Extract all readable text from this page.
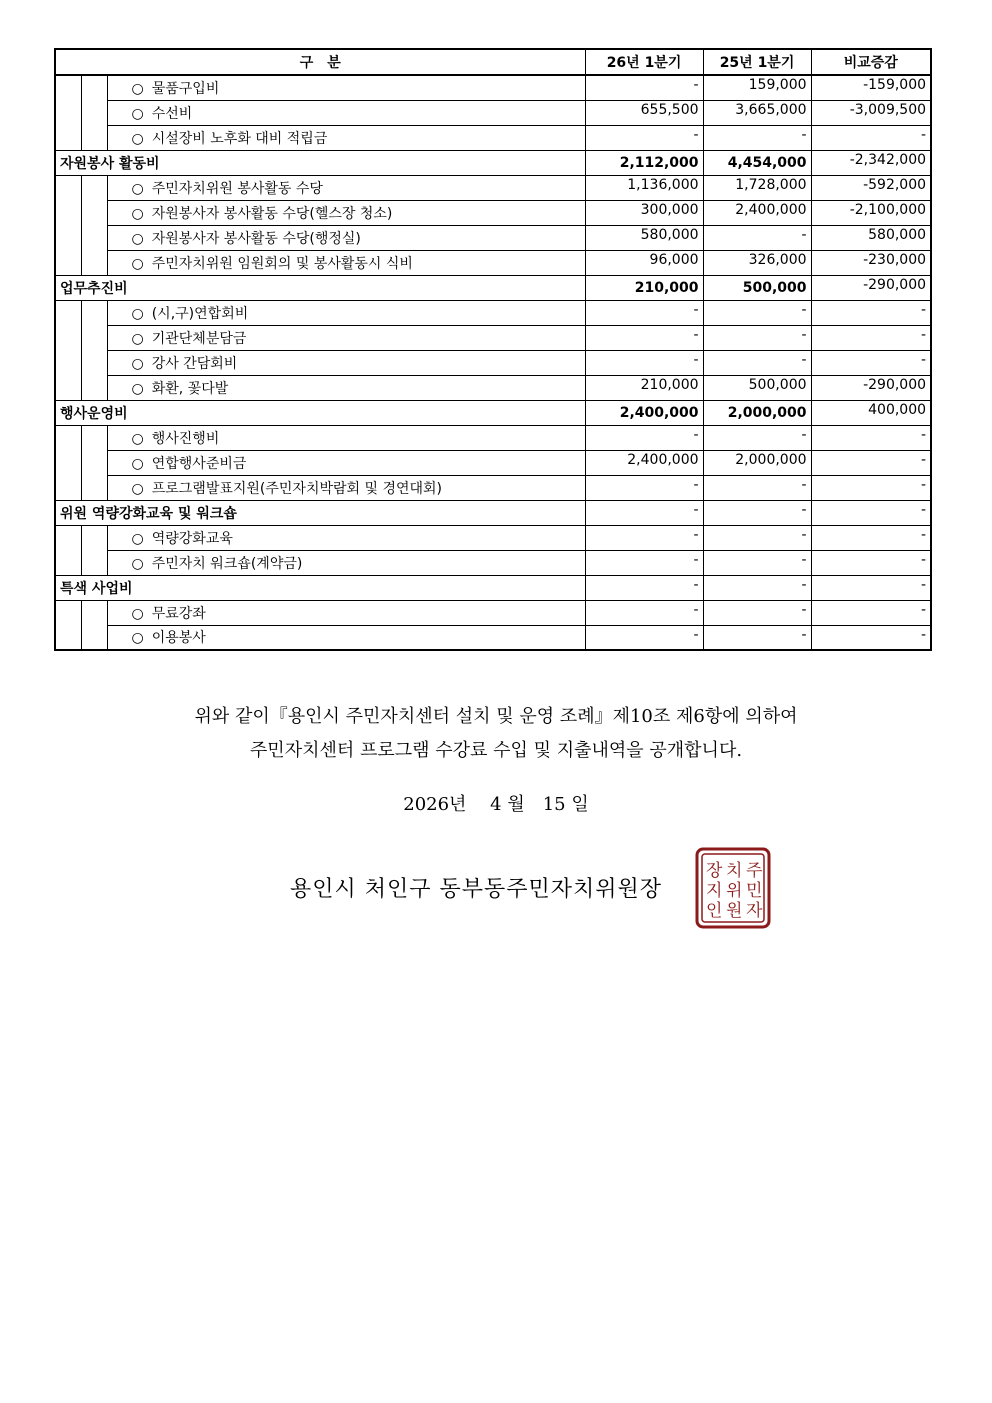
구　분			26년 1분기	25년 1분기	비교증감
		○ 물품구입비	-	159,000	-159,000
		○ 수선비	655,500	3,665,000	-3,009,500
		○ 시설장비 노후화 대비 적립금	-	-	-
자원봉사 활동비			2,112,000	4,454,000	-2,342,000
		○ 주민자치위원 봉사활동 수당	1,136,000	1,728,000	-592,000
		○ 자원봉사자 봉사활동 수당(헬스장 청소)	300,000	2,400,000	-2,100,000
		○ 자원봉사자 봉사활동 수당(행정실)	580,000	-	580,000
		○ 주민자치위원 임원회의 및 봉사활동시 식비	96,000	326,000	-230,000
업무추진비			210,000	500,000	-290,000
		○ (시,구)연합회비	-	-	-
		○ 기관단체분담금	-	-	-
		○ 강사 간담회비	-	-	-
		○ 화환, 꽃다발	210,000	500,000	-290,000
행사운영비			2,400,000	2,000,000	400,000
		○ 행사진행비	-	-	-
		○ 연합행사준비금	2,400,000	2,000,000	-
		○ 프로그램발표지원(주민자치박람회 및 경연대회)	-	-	-
위원 역량강화교육 및 워크숍			-	-	-
		○ 역량강화교육	-	-	-
		○ 주민자치 워크숍(계약금)	-	-	-
특색 사업비			-	-	-
		○ 무료강좌	-	-	-
		○ 이용봉사	-	-	-
위와 같이『용인시 주민자치센터 설치 및 운영 조례』제10조 제6항에 의하여
주민자치센터 프로그램 수강료 수입 및 지출내역을 공개합니다.
2026년　 4 월　15 일
용인시 처인구 동부동주민자치위원장
주
민
자
치
위
원
장
지
인
